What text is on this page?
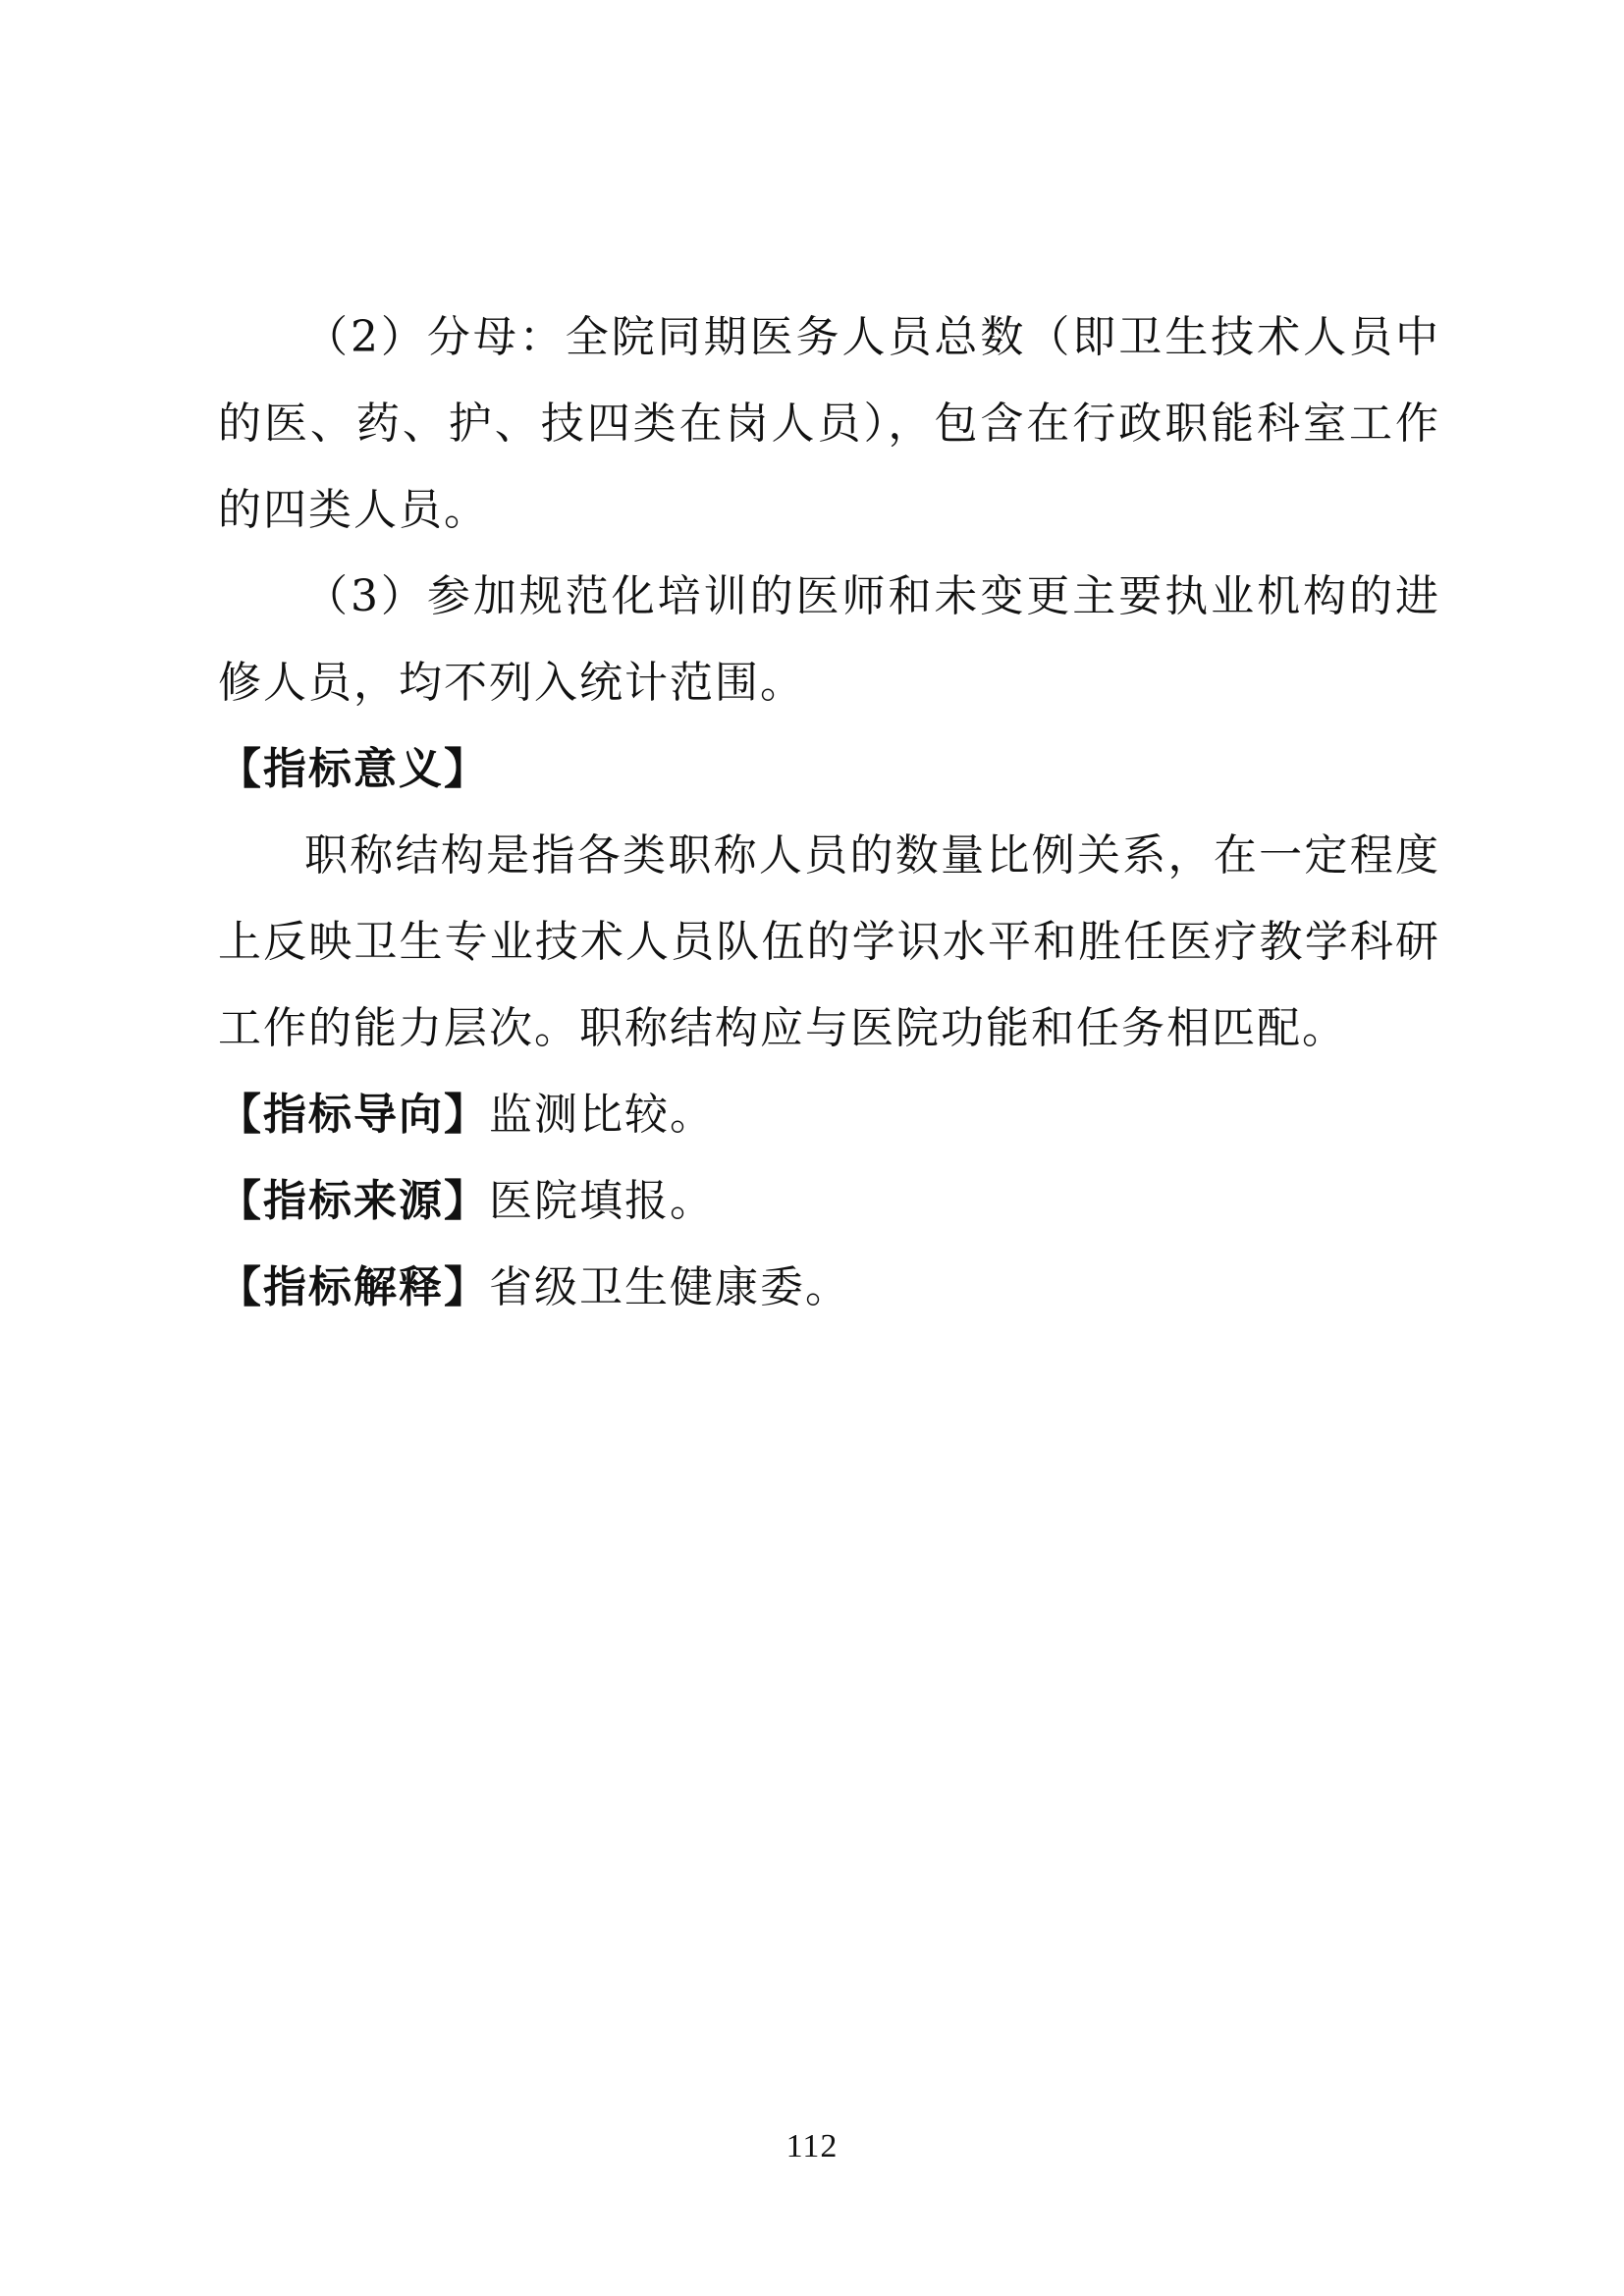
（2）分母：全院同期医务人员总数（即卫生技术人员中的医、药、护、技四类在岗人员），包含在行政职能科室工作的四类人员。

（3）参加规范化培训的医师和未变更主要执业机构的进修人员，均不列入统计范围。

【指标意义】

职称结构是指各类职称人员的数量比例关系，在一定程度上反映卫生专业技术人员队伍的学识水平和胜任医疗教学科研工作的能力层次。职称结构应与医院功能和任务相匹配。

【指标导向】监测比较。

【指标来源】医院填报。

【指标解释】省级卫生健康委。

112
